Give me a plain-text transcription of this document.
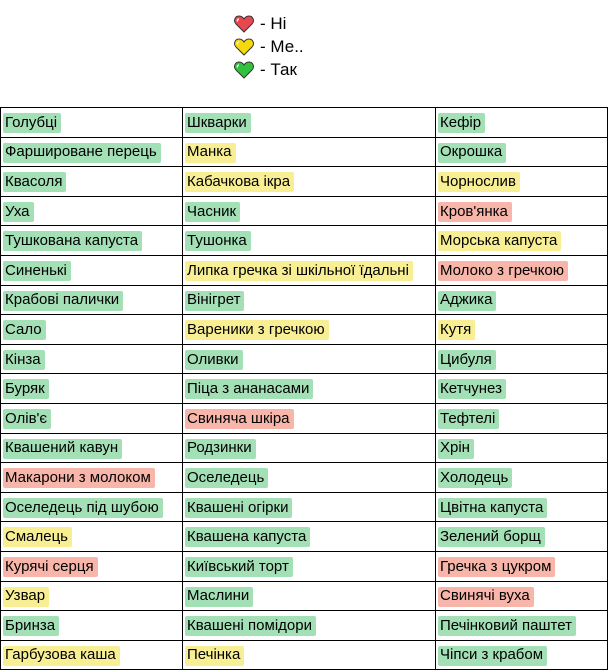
- Ні
- Ме..
- Так
Голубці	Шкварки	Кефір

Фаршироване перець	Манка	Окрошка

Квасоля	Кабачкова ікра	Чорнослив

Уха	Часник	Кров'янка

Тушкована капуста	Тушонка	Морська капуста

Синенькі	Липка гречка зі шкільної їдальні	Молоко з гречкою

Крабові палички	Вінігрет	Аджика

Сало	Вареники з гречкою	Кутя

Кінза	Оливки	Цибуля

Буряк	Піца з ананасами	Кетчунез

Олів'є	Свиняча шкіра	Тефтелі

Квашений кавун	Родзинки	Хрін

Макарони з молоком	Оселедець	Холодець

Оселедець під шубою	Квашені огірки	Цвітна капуста

Смалець	Квашена капуста	Зелений борщ

Курячі серця	Київський торт	Гречка з цукром

Узвар	Маслини	Свинячі вуха

Бринза	Квашені помідори	Печінковий паштет

Гарбузова каша	Печінка	Чіпси з крабом
